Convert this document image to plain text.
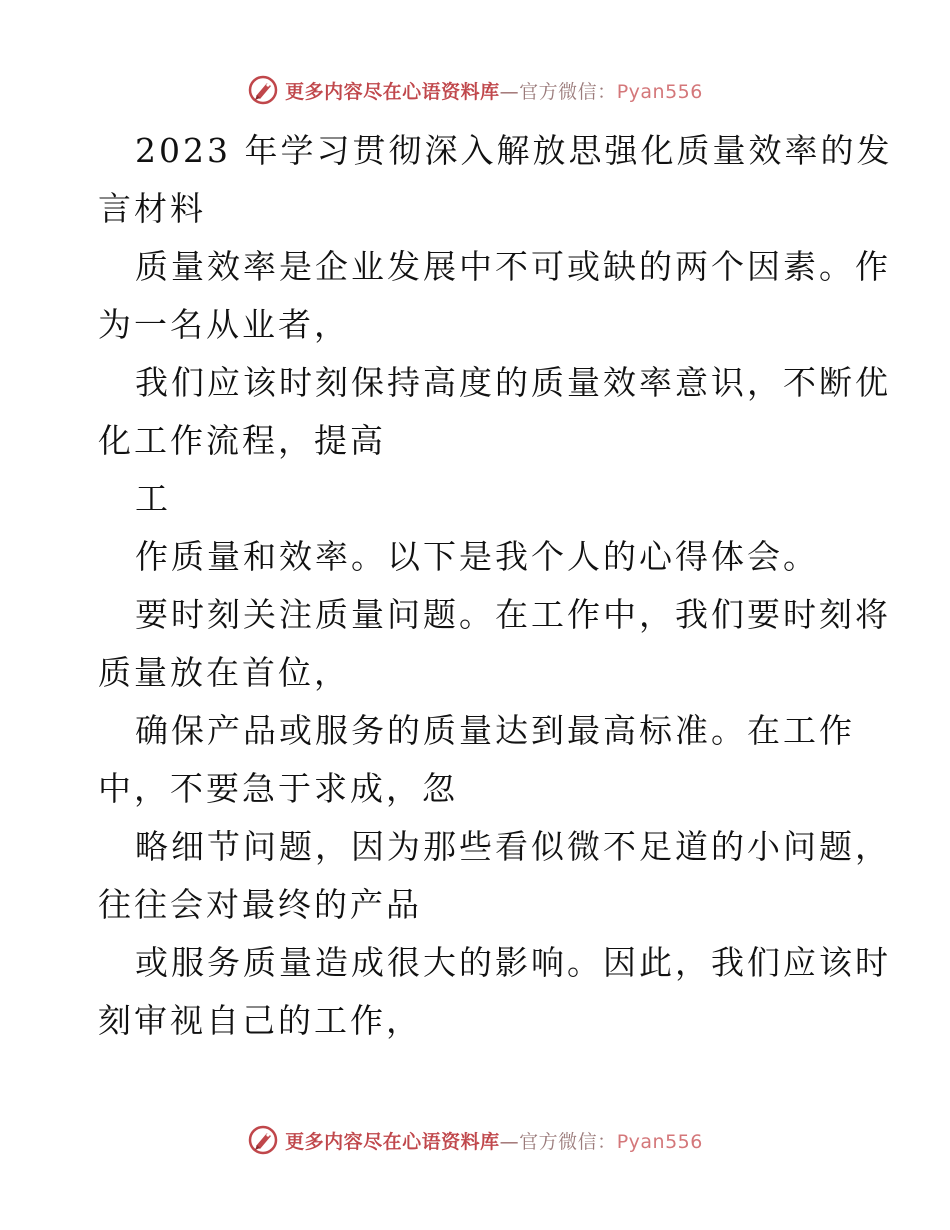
更多内容尽在心语资料库—官方微信：Pyan556
2023 年学习贯彻深入解放思强化质量效率的发
言材料
质量效率是企业发展中不可或缺的两个因素。作
为一名从业者，
我们应该时刻保持高度的质量效率意识，不断优
化工作流程，提高
工
作质量和效率。以下是我个人的心得体会。
要时刻关注质量问题。在工作中，我们要时刻将
质量放在首位，
确保产品或服务的质量达到最高标准。在工作
中，不要急于求成，忽
略细节问题，因为那些看似微不足道的小问题，
往往会对最终的产品
或服务质量造成很大的影响。因此，我们应该时
刻审视自己的工作，
更多内容尽在心语资料库—官方微信：Pyan556
